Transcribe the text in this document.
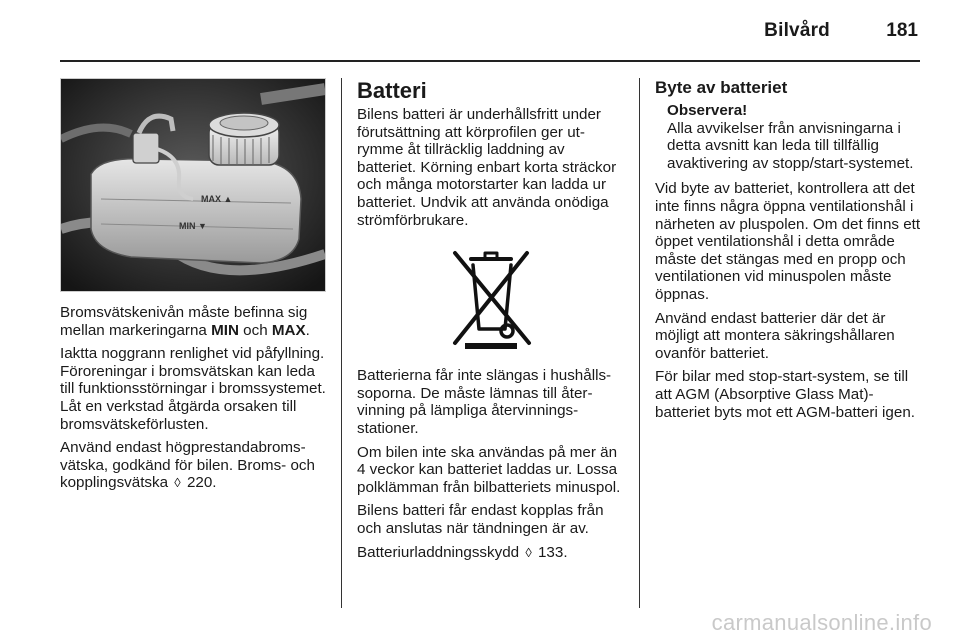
Bilvård	181
MAX ▲
MIN ▼

Bromsvätskenivån måste befinna sig mellan markeringarna MIN och MAX.

Iaktta noggrann renlighet vid påfyllning. Föroreningar i bromsvätskan kan leda till funktionsstörningar i bromssystemet. Låt en verkstad åtgärda orsaken till bromsvätskeförlusten.

Använd endast högprestandabromsvätska, godkänd för bilen. Broms- och kopplingsvätska ◊ 220.

Batteri

Bilens batteri är underhållsfritt under förutsättning att körprofilen ger utrymme åt tillräcklig laddning av batteriet. Körning enbart korta sträckor och många motorstarter kan ladda ur batteriet. Undvik att använda onödiga strömförbrukare.

Batterierna får inte slängas i hushållssoporna. De måste lämnas till återvinning på lämpliga återvinningsstationer.

Om bilen inte ska användas på mer än 4 veckor kan batteriet laddas ur. Lossa polklämman från bilbatteriets minuspol.

Bilens batteri får endast kopplas från och anslutas när tändningen är av.

Batteriurladdningsskydd ◊ 133.

Byte av batteriet
Observera!
Alla avvikelser från anvisningarna i detta avsnitt kan leda till tillfällig avaktivering av stopp/start-systemet.

Vid byte av batteriet, kontrollera att det inte finns några öppna ventilationshål i närheten av pluspolen. Om det finns ett öppet ventilationshål i detta område måste det stängas med en propp och ventilationen vid minuspolen måste öppnas.

Använd endast batterier där det är möjligt att montera säkringshållaren ovanför batteriet.

För bilar med stop-start-system, se till att AGM (Absorptive Glass Mat)-batteriet byts mot ett AGM-batteri igen.

carmanualsonline.info
